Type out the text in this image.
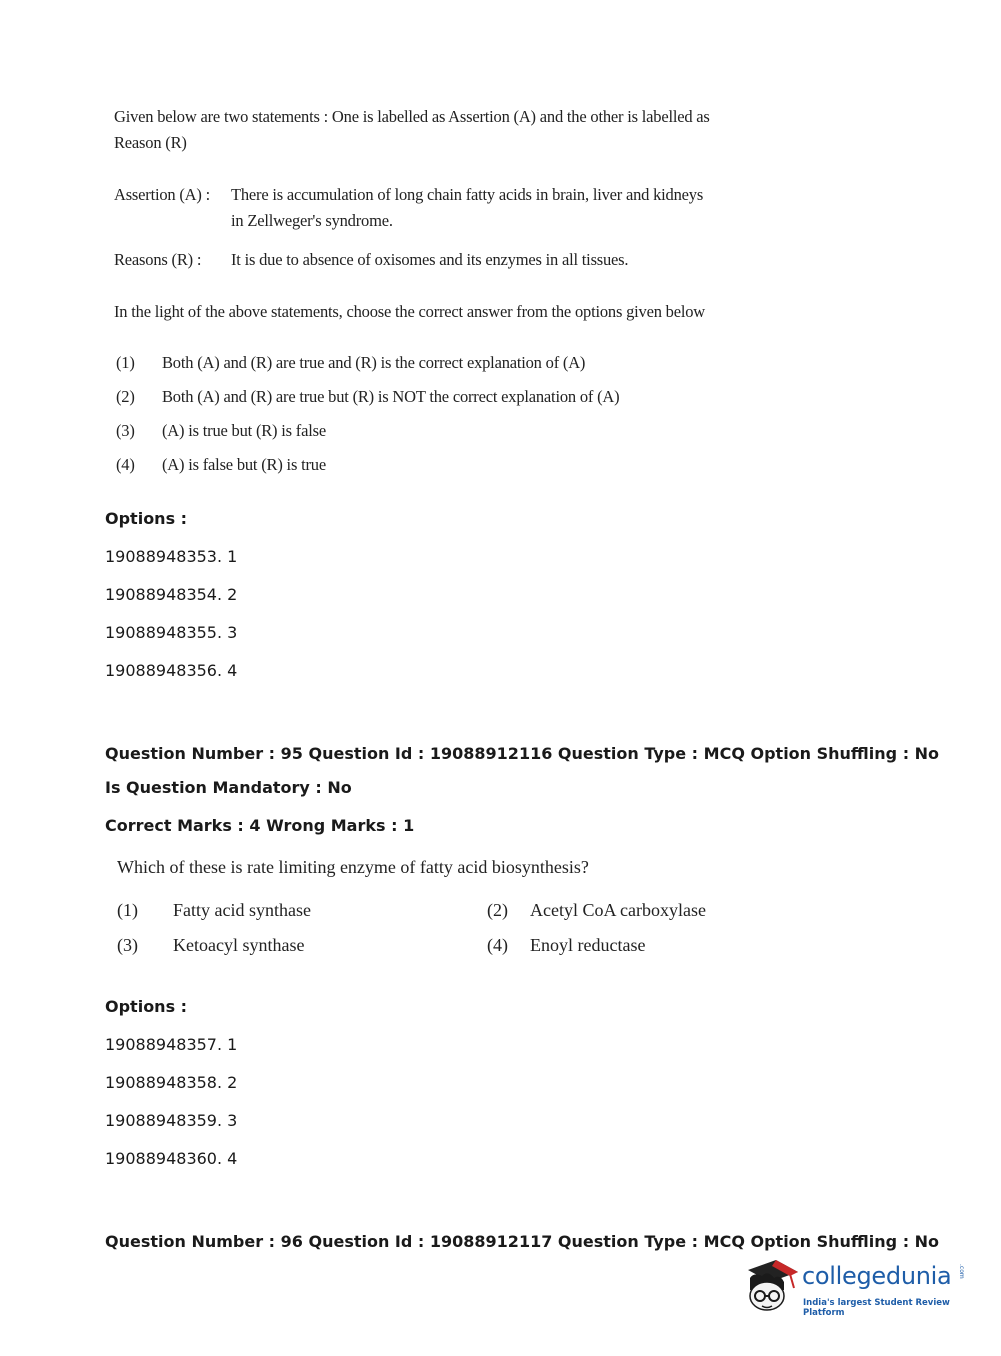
Given below are two statements : One is labelled as Assertion (A) and the other is labelled as
Reason (R)
Assertion (A) : There is accumulation of long chain fatty acids in brain, liver and kidneys
in Zellweger's syndrome.
Reasons (R) : It is due to absence of oxisomes and its enzymes in all tissues.
In the light of the above statements, choose the correct answer from the options given below
(1) Both (A) and (R) are true and (R) is the correct explanation of (A)
(2) Both (A) and (R) are true but (R) is NOT the correct explanation of (A)
(3) (A) is true but (R) is false
(4) (A) is false but (R) is true
Options :
19088948353. 1
19088948354. 2
19088948355. 3
19088948356. 4
Question Number : 95 Question Id : 19088912116 Question Type : MCQ Option Shuffling : No
Is Question Mandatory : No
Correct Marks : 4 Wrong Marks : 1
Which of these is rate limiting enzyme of fatty acid biosynthesis?
(1) Fatty acid synthase	(2) Acetyl CoA carboxylase
(3) Ketoacyl synthase	(4) Enoyl reductase
Options :
19088948357. 1
19088948358. 2
19088948359. 3
19088948360. 4
Question Number : 96 Question Id : 19088912117 Question Type : MCQ Option Shuffling : No
collegedunia .com
India's largest Student Review Platform
